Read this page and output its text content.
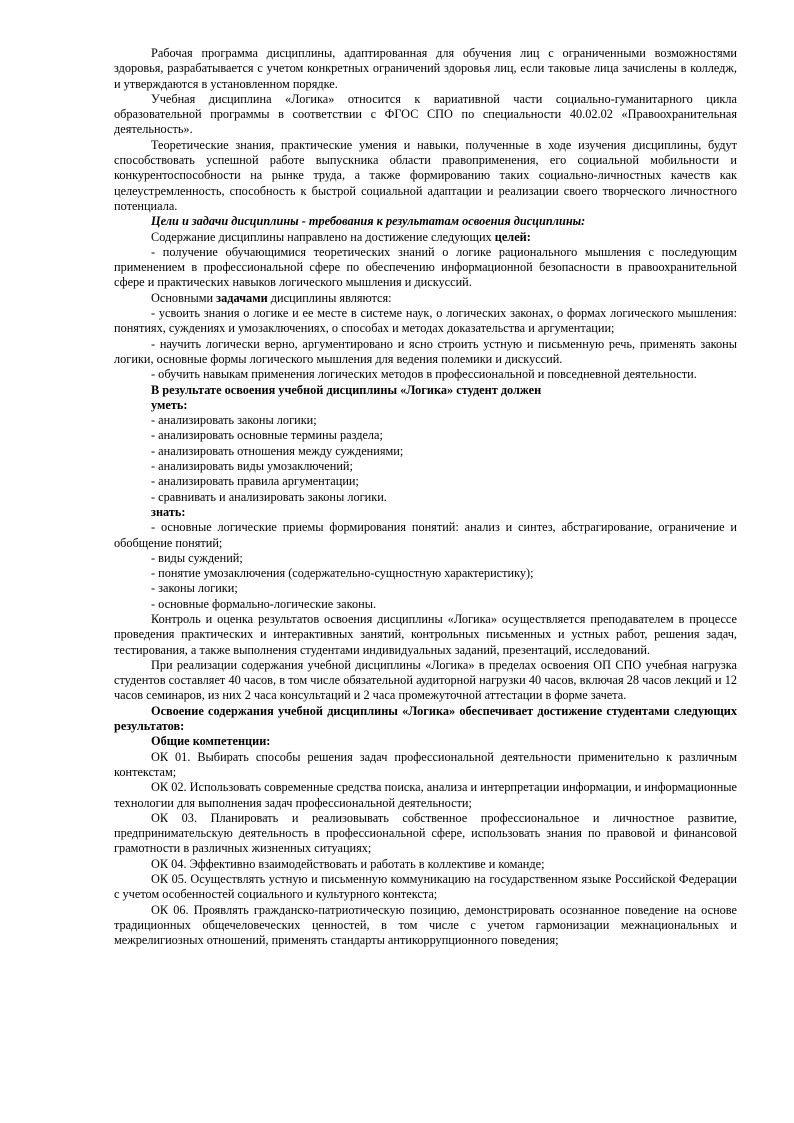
Рабочая программа дисциплины, адаптированная для обучения лиц с ограниченными возможностями здоровья, разрабатывается с учетом конкретных ограничений здоровья лиц, если таковые лица зачислены в колледж, и утверждаются в установленном порядке.

Учебная дисциплина «Логика» относится к вариативной части социально-гуманитарного цикла образовательной программы в соответствии с ФГОС СПО по специальности 40.02.02 «Правоохранительная деятельность».

Теоретические знания, практические умения и навыки, полученные в ходе изучения дисциплины, будут способствовать успешной работе выпускника области правоприменения, его социальной мобильности и конкурентоспособности на рынке труда, а также формированию таких социально-личностных качеств как целеустремленность, способность к быстрой социальной адаптации и реализации своего творческого личностного потенциала.

Цели и задачи дисциплины - требования к результатам освоения дисциплины:

Содержание дисциплины направлено на достижение следующих целей:

- получение обучающимися теоретических знаний о логике рационального мышления с последующим применением в профессиональной сфере по обеспечению информационной безопасности в правоохранительной сфере и практических навыков логического мышления и дискуссий.

Основными задачами дисциплины являются:

- усвоить знания о логике и ее месте в системе наук, о логических законах, о формах логического мышления: понятиях, суждениях и умозаключениях, о способах и методах доказательства и аргументации;

- научить логически верно, аргументировано и ясно строить устную и письменную речь, применять законы логики, основные формы логического мышления для ведения полемики и дискуссий.

- обучить навыкам применения логических методов в профессиональной и повседневной деятельности.

В результате освоения учебной дисциплины «Логика» студент должен

уметь:

- анализировать законы логики;

- анализировать основные термины раздела;

- анализировать отношения между суждениями;

- анализировать виды умозаключений;

- анализировать правила аргументации;

- сравнивать и анализировать законы логики.

знать:

- основные логические приемы формирования понятий: анализ и синтез, абстрагирование, ограничение и обобщение понятий;

- виды суждений;

- понятие умозаключения (содержательно-сущностную характеристику);

- законы логики;

- основные формально-логические законы.

Контроль и оценка результатов освоения дисциплины «Логика» осуществляется преподавателем в процессе проведения практических и интерактивных занятий, контрольных письменных и устных работ, решения задач, тестирования, а также выполнения студентами индивидуальных заданий, презентаций, исследований.

При реализации содержания учебной дисциплины «Логика» в пределах освоения ОП СПО учебная нагрузка студентов составляет 40 часов, в том числе обязательной аудиторной нагрузки 40 часов, включая 28 часов лекций и 12 часов семинаров, из них 2 часа консультаций и 2 часа промежуточной аттестации в форме зачета.

Освоение содержания учебной дисциплины «Логика» обеспечивает достижение студентами следующих результатов:

Общие компетенции:

ОК 01. Выбирать способы решения задач профессиональной деятельности применительно к различным контекстам;

ОК 02. Использовать современные средства поиска, анализа и интерпретации информации, и информационные технологии для выполнения задач профессиональной деятельности;

ОК 03. Планировать и реализовывать собственное профессиональное и личностное развитие, предпринимательскую деятельность в профессиональной сфере, использовать знания по правовой и финансовой грамотности в различных жизненных ситуациях;

ОК 04. Эффективно взаимодействовать и работать в коллективе и команде;

ОК 05. Осуществлять устную и письменную коммуникацию на государственном языке Российской Федерации с учетом особенностей социального и культурного контекста;

ОК 06. Проявлять гражданско-патриотическую позицию, демонстрировать осознанное поведение на основе традиционных общечеловеческих ценностей, в том числе с учетом гармонизации межнациональных и межрелигиозных отношений, применять стандарты антикоррупционного поведения;
